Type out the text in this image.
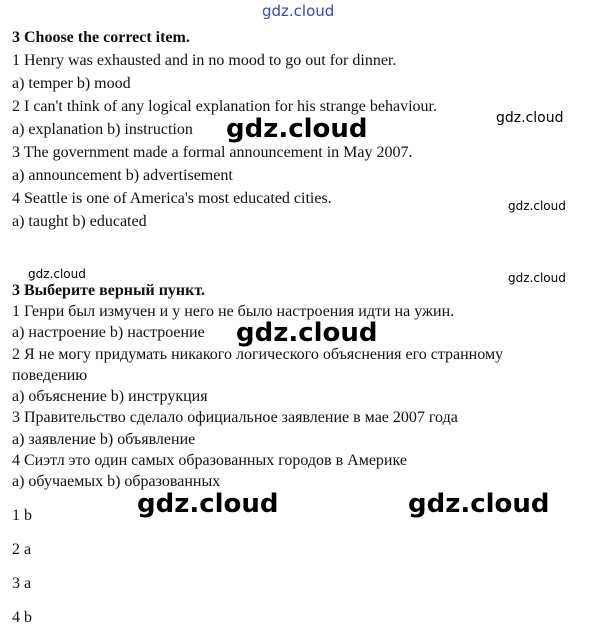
gdz.cloud
3 Choose the correct item.
1 Henry was exhausted and in no mood to go out for dinner.
a) temper b) mood
2 I can't think of any logical explanation for his strange behaviour.
a) explanation b) instruction
3 The government made a formal announcement in May 2007.
a) announcement b) advertisement
4 Seattle is one of America's most educated cities.
a) taught b) educated
3 Выберите верный пункт.
1 Генри был измучен и у него не было настроения идти на ужин.
а) настроение b) настроение
2 Я не могу придумать никакого логического объяснения его странному
поведению
а) объяснение b) инструкция
3 Правительство сделало официальное заявление в мае 2007 года
а) заявление b) объявление
4 Сиэтл это один самых образованных городов в Америке
а) обучаемых b) образованных
1 b
2 a
3 a
4 b
gdz.cloud
gdz.cloud
gdz.cloud	gdz.cloud
gdz.cloud
gdz.cloud
gdz.cloud	gdz.cloud
